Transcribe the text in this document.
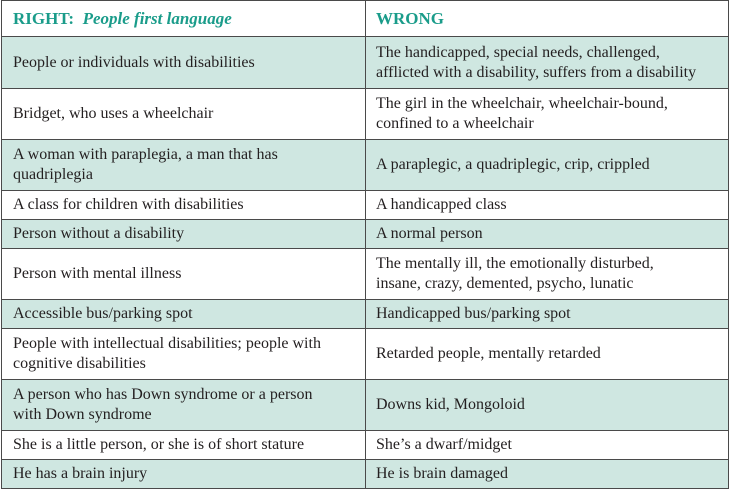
RIGHT: People first language	WRONG
People or individuals with disabilities	The handicapped, special needs, challenged,
afflicted with a disability, suffers from a disability
Bridget, who uses a wheelchair	The girl in the wheelchair, wheelchair-bound,
confined to a wheelchair
A woman with paraplegia, a man that has
quadriplegia	A paraplegic, a quadriplegic, crip, crippled
A class for children with disabilities	A handicapped class
Person without a disability	A normal person
Person with mental illness	The mentally ill, the emotionally disturbed,
insane, crazy, demented, psycho, lunatic
Accessible bus/parking spot	Handicapped bus/parking spot
People with intellectual disabilities; people with
cognitive disabilities	Retarded people, mentally retarded
A person who has Down syndrome or a person
with Down syndrome	Downs kid, Mongoloid
She is a little person, or she is of short stature	She’s a dwarf/midget
He has a brain injury	He is brain damaged
